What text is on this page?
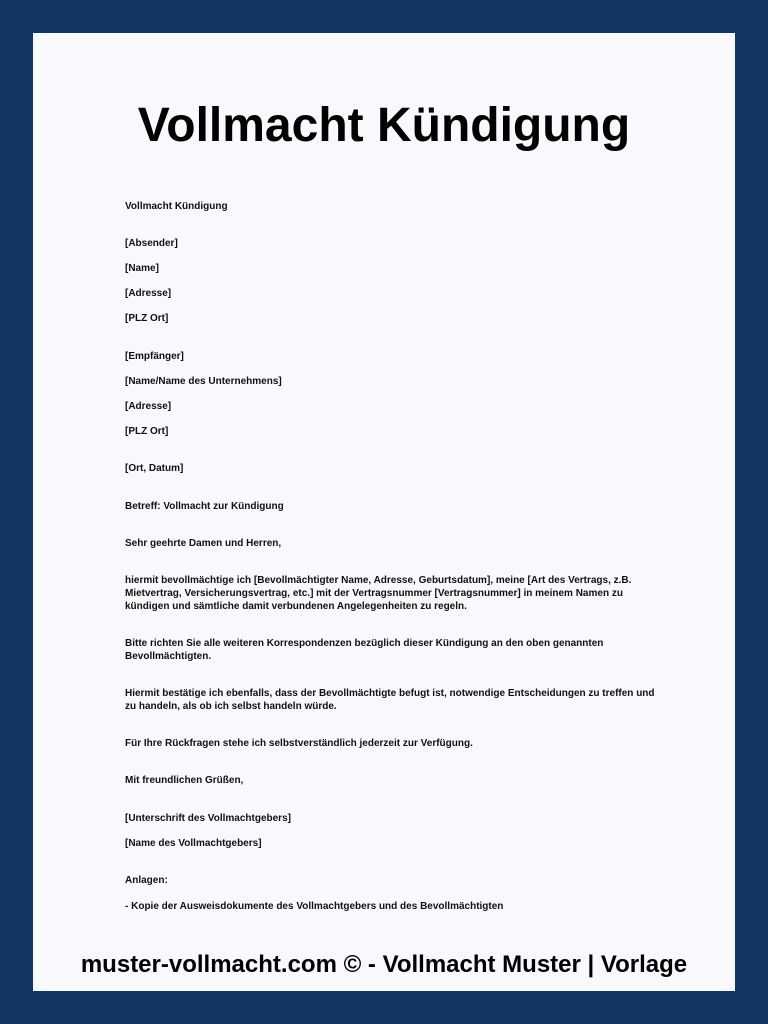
Vollmacht Kündigung

Vollmacht Kündigung

[Absender]

[Name]

[Adresse]

[PLZ Ort]

[Empfänger]

[Name/Name des Unternehmens]

[Adresse]

[PLZ Ort]

[Ort, Datum]

Betreff: Vollmacht zur Kündigung

Sehr geehrte Damen und Herren,

hiermit bevollmächtige ich [Bevollmächtigter Name, Adresse, Geburtsdatum], meine [Art des Vertrags, z.B. Mietvertrag, Versicherungsvertrag, etc.] mit der Vertragsnummer [Vertragsnummer] in meinem Namen zu kündigen und sämtliche damit verbundenen Angelegenheiten zu regeln.

Bitte richten Sie alle weiteren Korrespondenzen bezüglich dieser Kündigung an den oben genannten Bevollmächtigten.

Hiermit bestätige ich ebenfalls, dass der Bevollmächtigte befugt ist, notwendige Entscheidungen zu treffen und zu handeln, als ob ich selbst handeln würde.

Für Ihre Rückfragen stehe ich selbstverständlich jederzeit zur Verfügung.

Mit freundlichen Grüßen,

[Unterschrift des Vollmachtgebers]

[Name des Vollmachtgebers]

Anlagen:

- Kopie der Ausweisdokumente des Vollmachtgebers und des Bevollmächtigten

muster-vollmacht.com © - Vollmacht Muster | Vorlage
